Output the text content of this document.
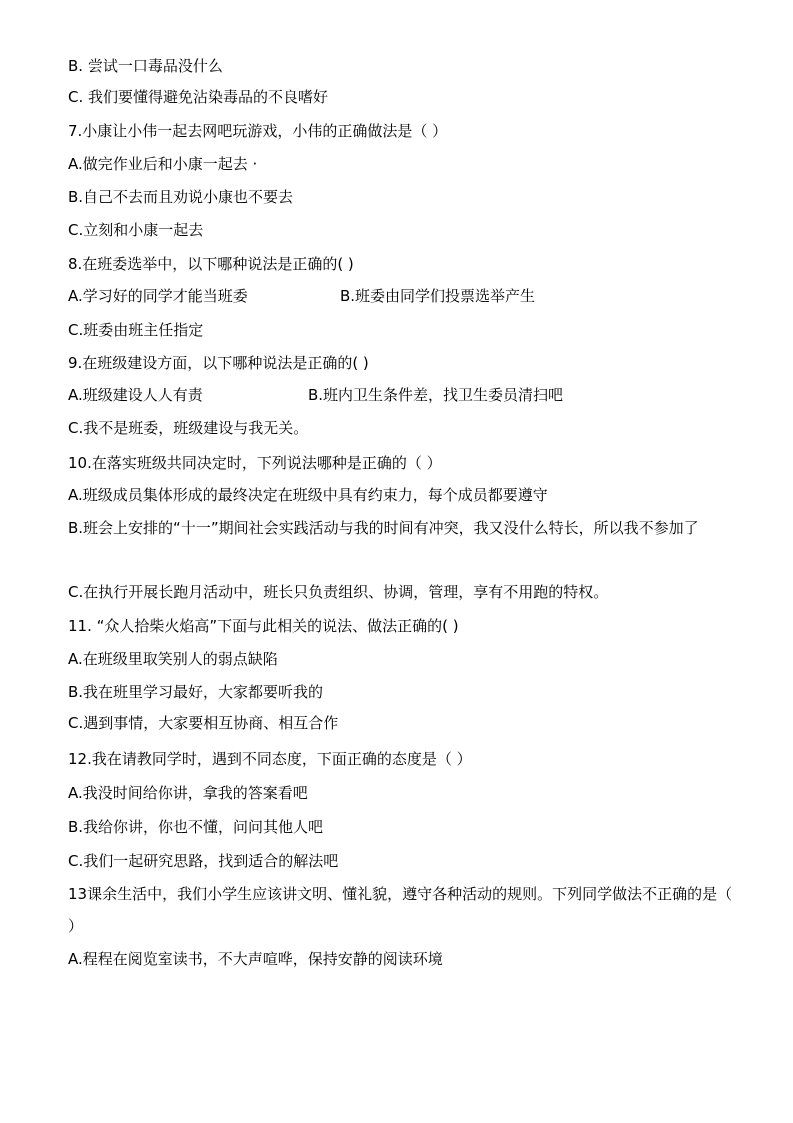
B. 尝试一口毒品没什么
C. 我们要懂得避免沾染毒品的不良嗜好
7.小康让小伟一起去网吧玩游戏，小伟的正确做法是（ ）
A.做完作业后和小康一起去 ·
B.自己不去而且劝说小康也不要去
C.立刻和小康一起去
8.在班委选举中，以下哪种说法是正确的( )
A.学习好的同学才能当班委	B.班委由同学们投票选举产生
C.班委由班主任指定
9.在班级建设方面，以下哪种说法是正确的( )
A.班级建设人人有责	B.班内卫生条件差，找卫生委员清扫吧
C.我不是班委，班级建设与我无关。
10.在落实班级共同决定时，下列说法哪种是正确的（ ）
A.班级成员集体形成的最终决定在班级中具有约束力，每个成员都要遵守
B.班会上安排的“十一”期间社会实践活动与我的时间有冲突，我又没什么特长，所以我不参加了
C.在执行开展长跑月活动中，班长只负责组织、协调，管理，享有不用跑的特权。
11. “众人拾柴火焰高”下面与此相关的说法、做法正确的( )
A.在班级里取笑别人的弱点缺陷
B.我在班里学习最好，大家都要听我的
C.遇到事情，大家要相互协商、相互合作
12.我在请教同学时，遇到不同态度，下面正确的态度是（ ）
A.我没时间给你讲，拿我的答案看吧
B.我给你讲，你也不懂，问问其他人吧
C.我们一起研究思路，找到适合的解法吧
13课余生活中，我们小学生应该讲文明、懂礼貌，遵守各种活动的规则。下列同学做法不正确的是（ ）
A.程程在阅览室读书，不大声喧哗，保持安静的阅读环境
